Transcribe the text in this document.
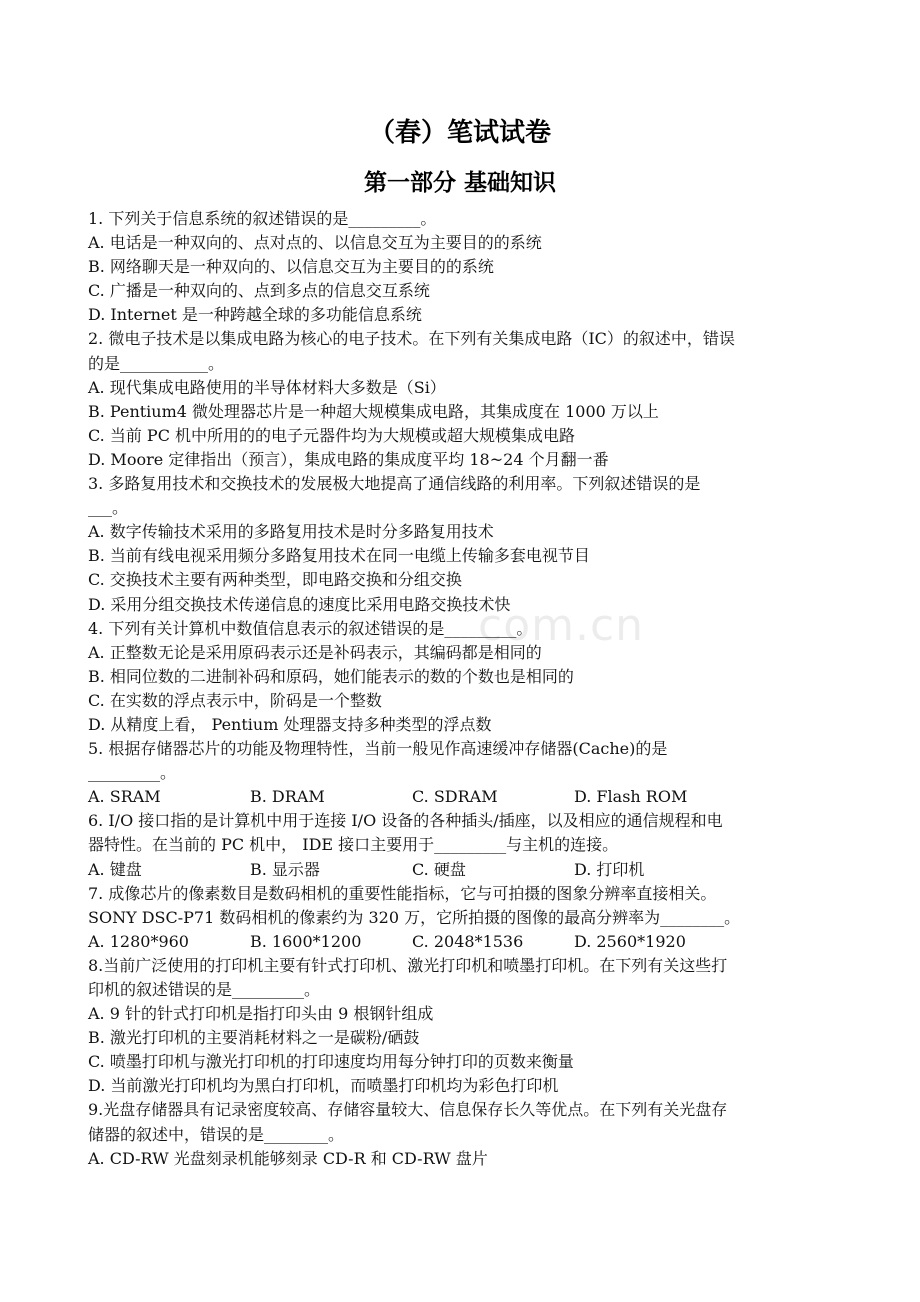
（春）笔试试卷
第一部分 基础知识
com.cn
1. 下列关于信息系统的叙述错误的是_________。
A. 电话是一种双向的、点对点的、以信息交互为主要目的的系统
B. 网络聊天是一种双向的、以信息交互为主要目的的系统
C. 广播是一种双向的、点到多点的信息交互系统
D. Internet 是一种跨越全球的多功能信息系统
2. 微电子技术是以集成电路为核心的电子技术。在下列有关集成电路（IC）的叙述中，错误
的是___________。
A. 现代集成电路使用的半导体材料大多数是（Si）
B. Pentium4 微处理器芯片是一种超大规模集成电路，其集成度在 1000 万以上
C. 当前 PC 机中所用的的电子元器件均为大规模或超大规模集成电路
D. Moore 定律指出（预言），集成电路的集成度平均 18~24 个月翻一番
3. 多路复用技术和交换技术的发展极大地提高了通信线路的利用率。下列叙述错误的是
___。
A. 数字传输技术采用的多路复用技术是时分多路复用技术
B. 当前有线电视采用频分多路复用技术在同一电缆上传输多套电视节目
C. 交换技术主要有两种类型，即电路交换和分组交换
D. 采用分组交换技术传递信息的速度比采用电路交换技术快
4. 下列有关计算机中数值信息表示的叙述错误的是_________。
A. 正整数无论是采用原码表示还是补码表示，其编码都是相同的
B. 相同位数的二进制补码和原码，她们能表示的数的个数也是相同的
C. 在实数的浮点表示中，阶码是一个整数
D. 从精度上看， Pentium 处理器支持多种类型的浮点数
5. 根据存储器芯片的功能及物理特性，当前一般见作高速缓冲存储器(Cache)的是
_________。
A. SRAM	B. DRAM	C. SDRAM	D. Flash ROM
6. I/O 接口指的是计算机中用于连接 I/O 设备的各种插头/插座，以及相应的通信规程和电
器特性。在当前的 PC 机中， IDE 接口主要用于_________与主机的连接。
A. 键盘	B. 显示器	C. 硬盘	D. 打印机
7. 成像芯片的像素数目是数码相机的重要性能指标，它与可拍摄的图象分辨率直接相关。
SONY DSC-P71 数码相机的像素约为 320 万，它所拍摄的图像的最高分辨率为________。
A. 1280*960	B. 1600*1200	C. 2048*1536	D. 2560*1920
8.当前广泛使用的打印机主要有针式打印机、激光打印机和喷墨打印机。在下列有关这些打
印机的叙述错误的是_________。
A. 9 针的针式打印机是指打印头由 9 根钢针组成
B. 激光打印机的主要消耗材料之一是碳粉/硒鼓
C. 喷墨打印机与激光打印机的打印速度均用每分钟打印的页数来衡量
D. 当前激光打印机均为黑白打印机，而喷墨打印机均为彩色打印机
9.光盘存储器具有记录密度较高、存储容量较大、信息保存长久等优点。在下列有关光盘存
储器的叙述中，错误的是________。
A. CD-RW 光盘刻录机能够刻录 CD-R 和 CD-RW 盘片
